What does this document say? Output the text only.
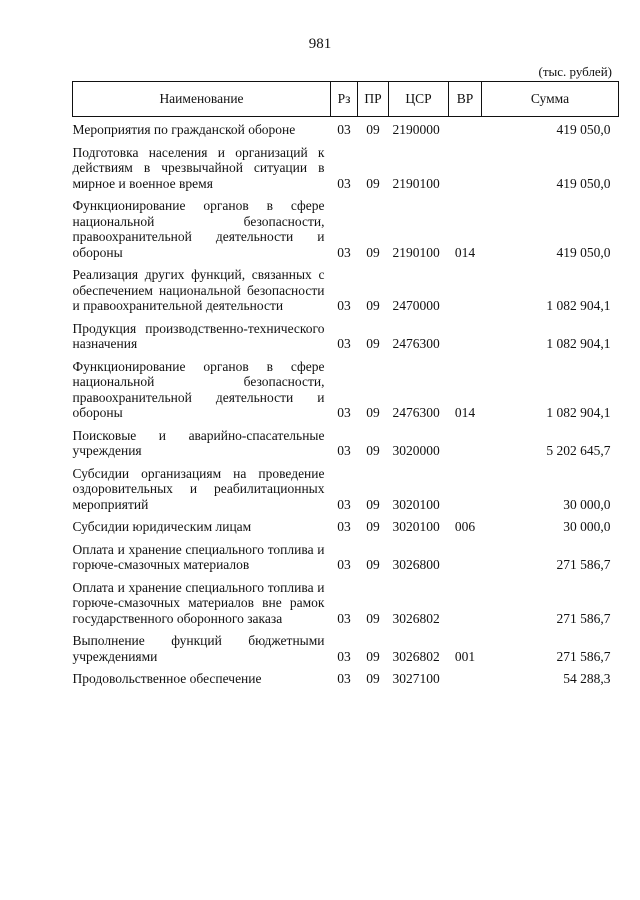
981
(тыс. рублей)
Наименование	Рз	ПР	ЦСР	ВР	Сумма

Мероприятия по гражданской обороне	03	09	2190000		419 050,0

Подготовка населения и организаций к действиям в чрезвычайной ситуации в мирное и военное время	03	09	2190100		419 050,0

Функционирование органов в сфере национальной безопасности, правоохранительной деятельности и обороны	03	09	2190100	014	419 050,0

Реализация других функций, связанных с обеспечением национальной безопасности и правоохранительной деятельности	03	09	2470000		1 082 904,1

Продукция производственно-технического назначения	03	09	2476300		1 082 904,1

Функционирование органов в сфере национальной безопасности, правоохранительной деятельности и обороны	03	09	2476300	014	1 082 904,1

Поисковые и аварийно-спасательные учреждения	03	09	3020000		5 202 645,7

Субсидии организациям на проведение оздоровительных и реабилитационных мероприятий	03	09	3020100		30 000,0

Субсидии юридическим лицам	03	09	3020100	006	30 000,0

Оплата и хранение специального топлива и горюче-смазочных материалов	03	09	3026800		271 586,7

Оплата и хранение специального топлива и горюче-смазочных материалов вне рамок государственного оборонного заказа	03	09	3026802		271 586,7

Выполнение функций бюджетными учреждениями	03	09	3026802	001	271 586,7

Продовольственное обеспечение	03	09	3027100		54 288,3
